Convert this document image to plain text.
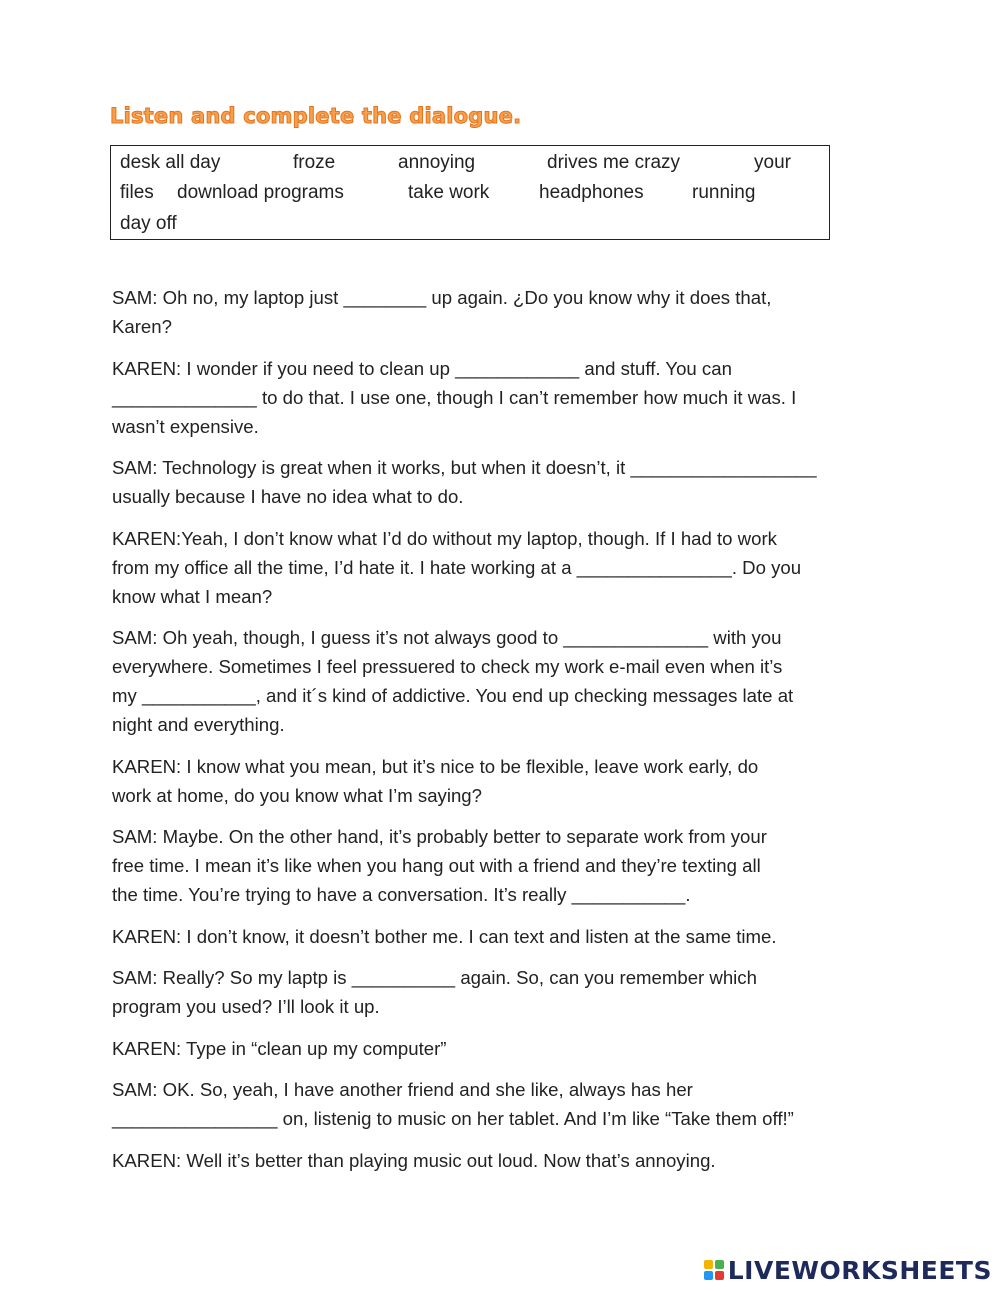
Listen and complete the dialogue.
desk all day	froze	annoying	drives me crazy	your
files download programs	take work	headphones	running
day off

SAM: Oh no, my laptop just ________ up again. ¿Do you know why it does that,
Karen?

KAREN: I wonder if you need to clean up ____________ and stuff. You can
______________ to do that. I use one, though I can’t remember how much it was. I
wasn’t expensive.

SAM: Technology is great when it works, but when it doesn’t, it __________________
usually because I have no idea what to do.

KAREN:Yeah, I don’t know what I’d do without my laptop, though. If I had to work
from my office all the time, I’d hate it. I hate working at a _______________. Do you
know what I mean?

SAM: Oh yeah, though, I guess it’s not always good to ______________ with you
everywhere. Sometimes I feel pressuered to check my work e-mail even when it’s
my ___________, and it´s kind of addictive. You end up checking messages late at
night and everything.

KAREN: I know what you mean, but it’s nice to be flexible, leave work early, do
work at home, do you know what I’m saying?

SAM: Maybe. On the other hand, it’s probably better to separate work from your
free time. I mean it’s like when you hang out with a friend and they’re texting all
the time. You’re trying to have a conversation. It’s really ___________.

KAREN: I don’t know, it doesn’t bother me. I can text and listen at the same time.

SAM: Really? So my laptp is __________ again. So, can you remember which
program you used? I’ll look it up.

KAREN: Type in “clean up my computer”

SAM: OK. So, yeah, I have another friend and she like, always has her
________________ on, listenig to music on her tablet. And I’m like “Take them off!”

KAREN: Well it’s better than playing music out loud. Now that’s annoying.

LIVEWORKSHEETS
